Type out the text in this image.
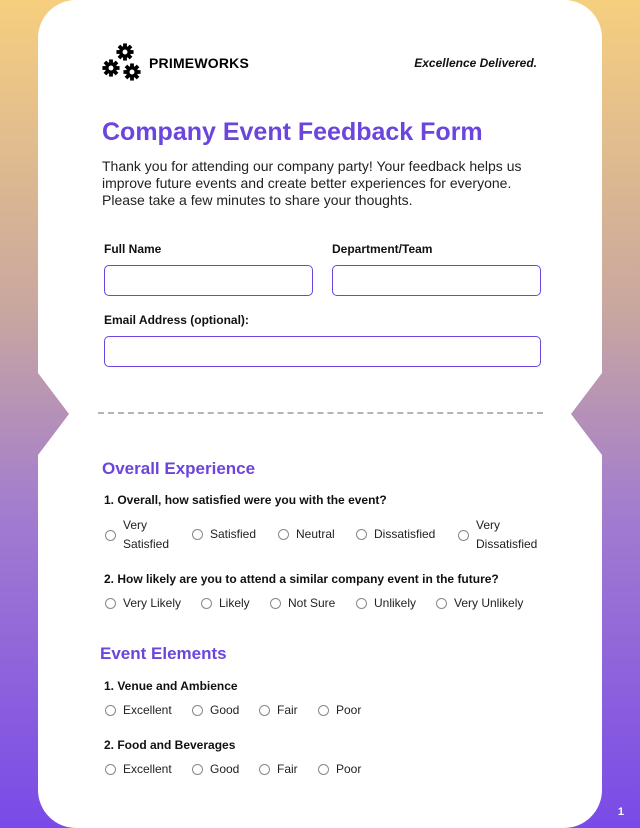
PRIMEWORKS	Excellence Delivered.
Company Event Feedback Form
Thank you for attending our company party! Your feedback helps us improve future events and create better experiences for everyone. Please take a few minutes to share your thoughts.
Full Name	Department/Team
Email Address (optional):
Overall Experience
1. Overall, how satisfied were you with the event?
Very Satisfied
Satisfied	Neutral	Dissatisfied
Very Dissatisfied
2. How likely are you to attend a similar company event in the future?
Very Likely	Likely	Not Sure	Unlikely	Very Unlikely
Event Elements
1. Venue and Ambience
Excellent	Good	Fair	Poor
2. Food and Beverages
Excellent	Good	Fair	Poor
1
